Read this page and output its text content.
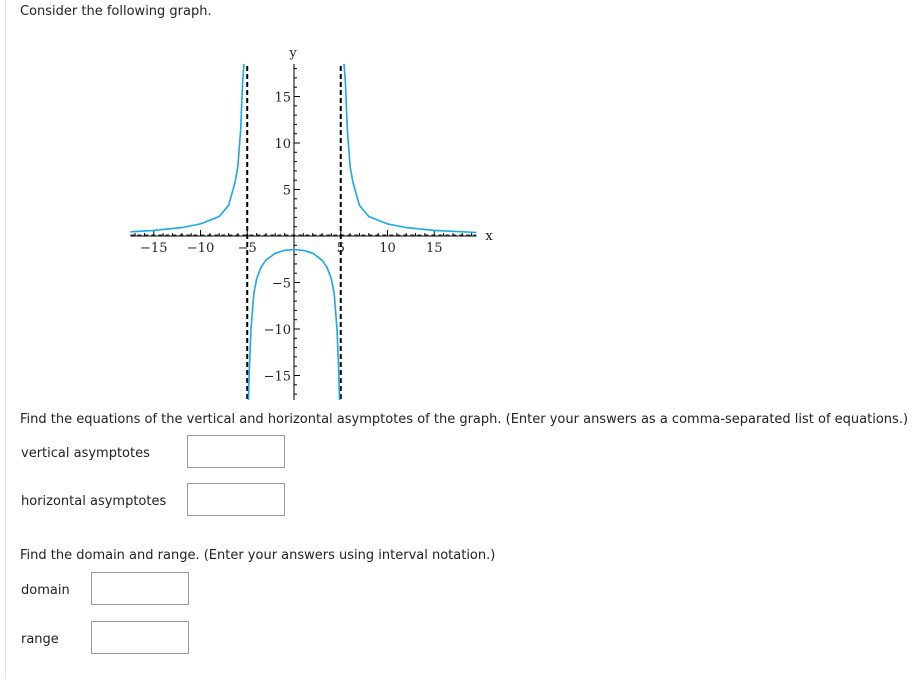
Consider the following graph.
−15 −10 −5	5	10 15
15
10
5
−5
−10
−15
x
y
Find the equations of the vertical and horizontal asymptotes of the graph. (Enter your answers as a comma-separated list of equations.)
vertical asymptotes
horizontal asymptotes
Find the domain and range. (Enter your answers using interval notation.)
domain
range
